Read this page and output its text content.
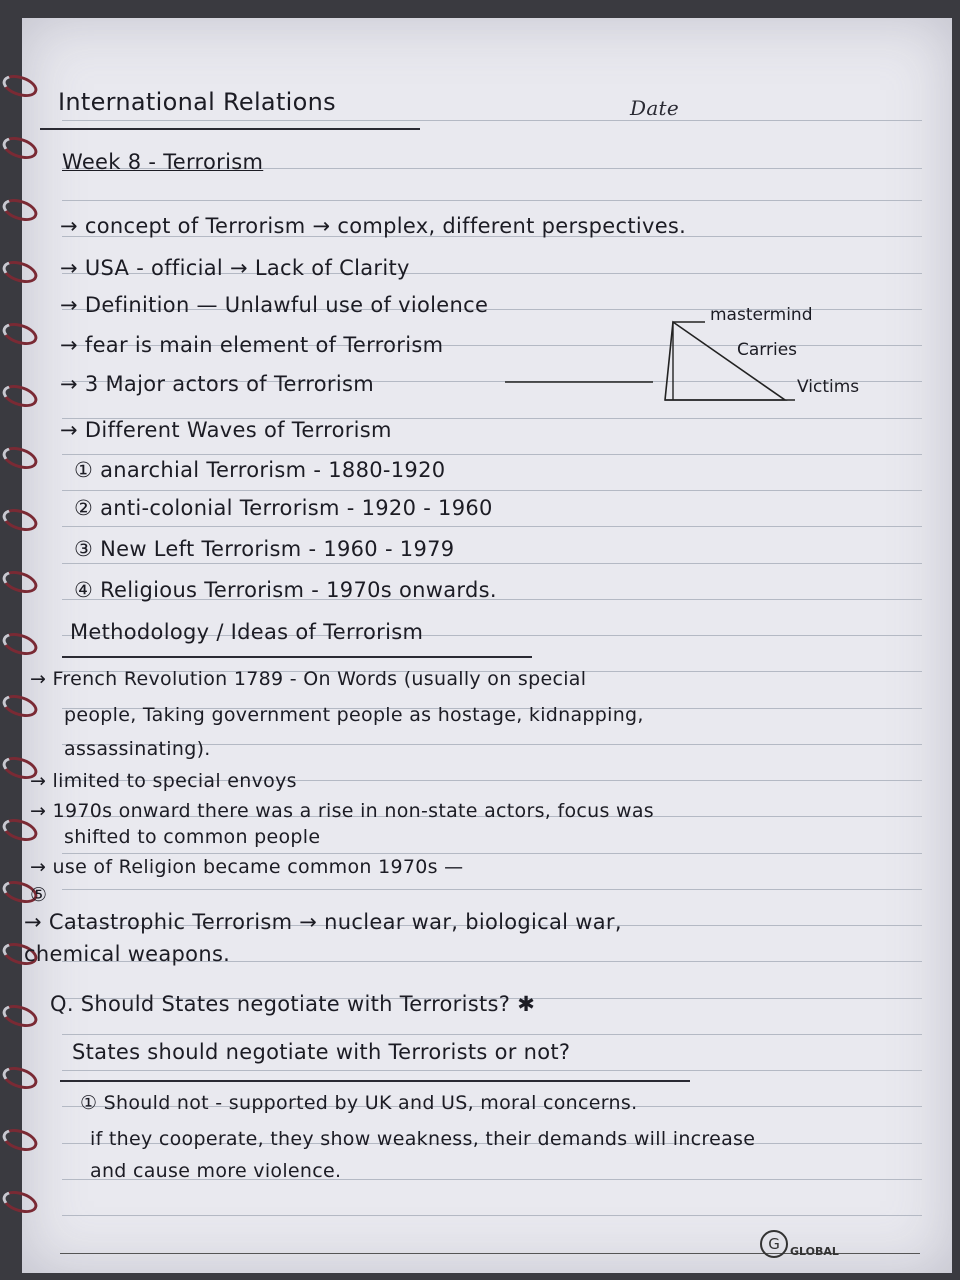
International Relations	Date
Week 8 - Terrorism
→ concept of Terrorism → complex, different perspectives.
→ USA - official → Lack of Clarity
→ Definition — Unlawful use of violence
→ fear is main element of Terrorism
→ 3 Major actors of Terrorism
→ Different Waves of Terrorism
① anarchial Terrorism - 1880-1920
② anti-colonial Terrorism - 1920 - 1960
③ New Left Terrorism - 1960 - 1979
④ Religious Terrorism - 1970s onwards.
Methodology / Ideas of Terrorism
→ French Revolution 1789 - On Words (usually on special
people, Taking government people as hostage, kidnapping,
assassinating).
→ limited to special envoys
→ 1970s onward there was a rise in non-state actors, focus was
shifted to common people
→ use of Religion became common 1970s —
⑤
→ Catastrophic Terrorism → nuclear war, biological war,
chemical weapons.
Q. Should States negotiate with Terrorists? ✱
States should negotiate with Terrorists or not?
① Should not - supported by UK and US, moral concerns.
if they cooperate, they show weakness, their demands will increase
and cause more violence.
mastermind
Carries
Victims
G GLOBAL
